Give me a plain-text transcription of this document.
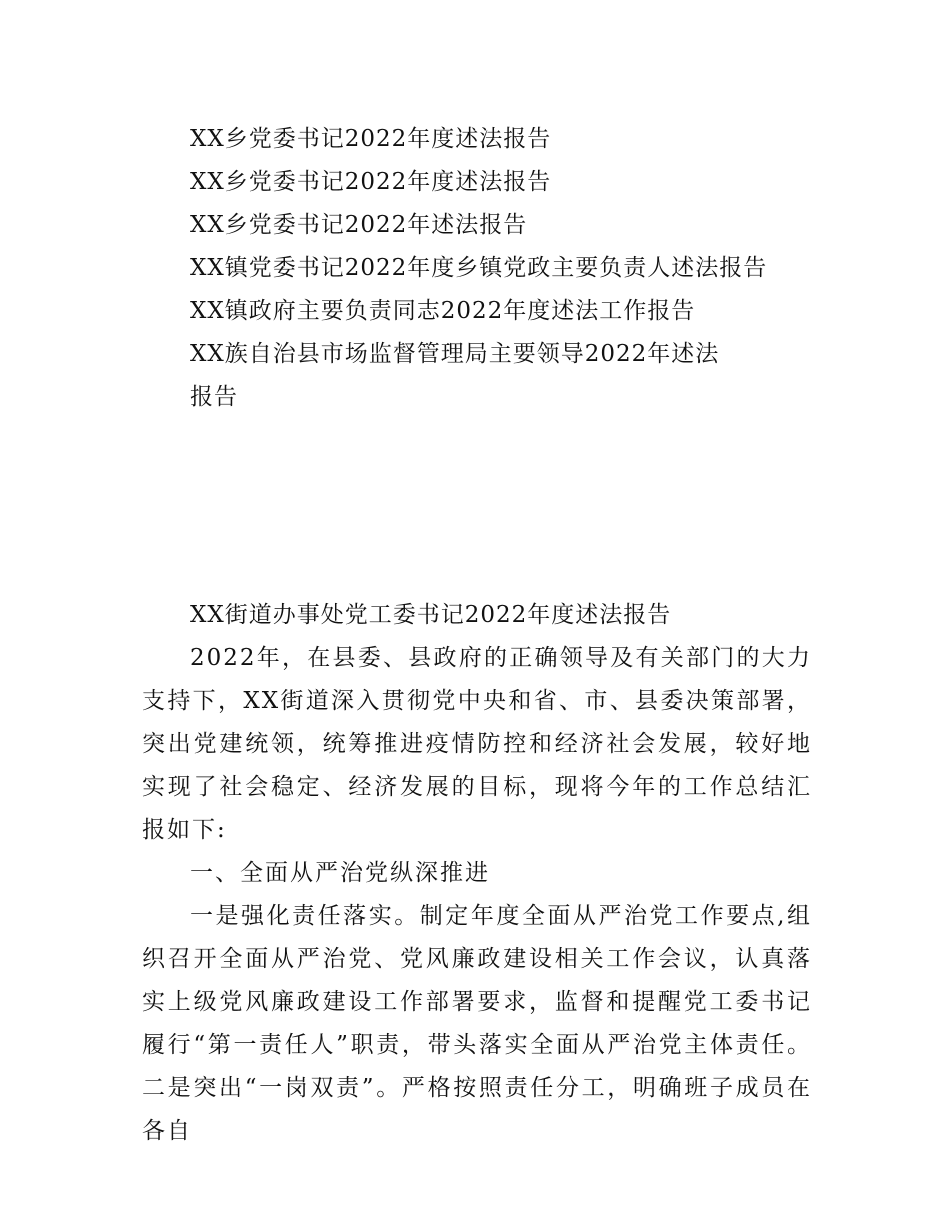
XX乡党委书记2022年度述法报告
XX乡党委书记2022年度述法报告
XX乡党委书记2022年述法报告
XX镇党委书记2022年度乡镇党政主要负责人述法报告
XX镇政府主要负责同志2022年度述法工作报告
XX族自治县市场监督管理局主要领导2022年述法
报告
XX街道办事处党工委书记2022年度述法报告

2022年，在县委、县政府的正确领导及有关部门的大力支持下，XX街道深入贯彻党中央和省、市、县委决策部署，突出党建统领，统筹推进疫情防控和经济社会发展，较好地实现了社会稳定、经济发展的目标，现将今年的工作总结汇报如下:

一、全面从严治党纵深推进

一是强化责任落实。制定年度全面从严治党工作要点,组织召开全面从严治党、党风廉政建设相关工作会议，认真落实上级党风廉政建设工作部署要求，监督和提醒党工委书记履行“第一责任人”职责，带头落实全面从严治党主体责任。二是突出“一岗双责”。严格按照责任分工，明确班子成员在各自
